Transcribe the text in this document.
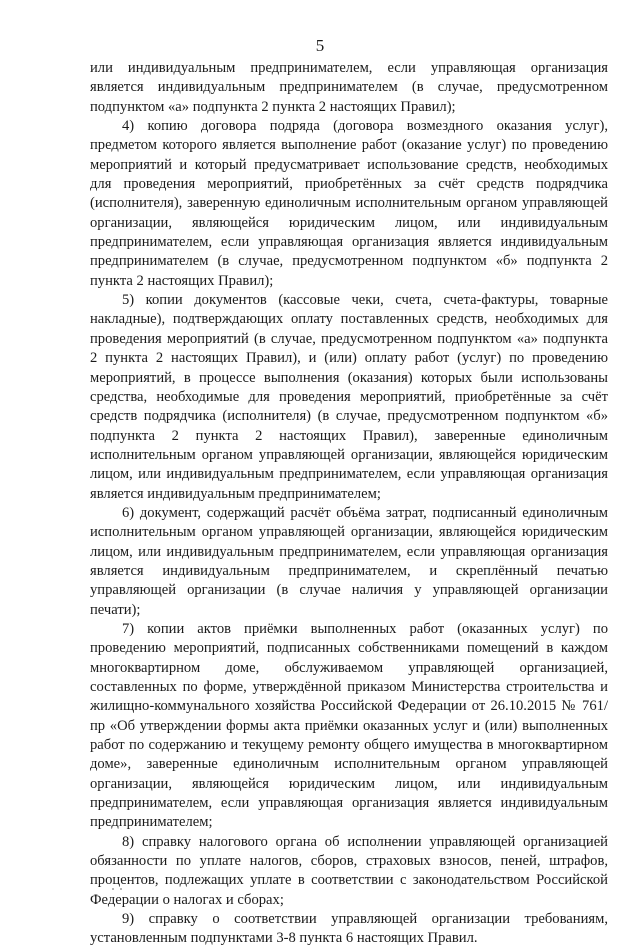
5

или индивидуальным предпринимателем, если управляющая организация является индивидуальным предпринимателем (в случае, предусмотренном подпунктом «а» подпункта 2 пункта 2 настоящих Правил);

4) копию договора подряда (договора возмездного оказания услуг), предметом которого является выполнение работ (оказание услуг) по проведению мероприятий и который предусматривает использование средств, необходимых для проведения мероприятий, приобретённых за счёт средств подрядчика (исполнителя), заверенную единоличным исполнительным органом управляющей организации, являющейся юридическим лицом, или индивидуальным предпринимателем, если управляющая организация является индивидуальным предпринимателем (в случае, предусмотренном подпунктом «б» подпункта 2 пункта 2 настоящих Правил);

5) копии документов (кассовые чеки, счета, счета-фактуры, товарные накладные), подтверждающих оплату поставленных средств, необходимых для проведения мероприятий (в случае, предусмотренном подпунктом «а» подпункта 2 пункта 2 настоящих Правил), и (или) оплату работ (услуг) по проведению мероприятий, в процессе выполнения (оказания) которых были использованы средства, необходимые для проведения мероприятий, приобретённые за счёт средств подрядчика (исполнителя) (в случае, предусмотренном подпунктом «б» подпункта 2 пункта 2 настоящих Правил), заверенные единоличным исполнительным органом управляющей организации, являющейся юридическим лицом, или индивидуальным предпринимателем, если управляющая организация является индивидуальным предпринимателем;

6) документ, содержащий расчёт объёма затрат, подписанный единоличным исполнительным органом управляющей организации, являющейся юридическим лицом, или индивидуальным предпринимателем, если управляющая организация является индивидуальным предпринимателем, и скреплённый печатью управляющей организации (в случае наличия у управляющей организации печати);

7) копии актов приёмки выполненных работ (оказанных услуг) по проведению мероприятий, подписанных собственниками помещений в каждом многоквартирном доме, обслуживаемом управляющей организацией, составленных по форме, утверждённой приказом Министерства строительства и жилищно-коммунального хозяйства Российской Федерации от 26.10.2015 № 761/пр «Об утверждении формы акта приёмки оказанных услуг и (или) выполненных работ по содержанию и текущему ремонту общего имущества в многоквартирном доме», заверенные единоличным исполнительным органом управляющей организации, являющейся юридическим лицом, или индивидуальным предпринимателем, если управляющая организация является индивидуальным предпринимателем;

8) справку налогового органа об исполнении управляющей организацией обязанности по уплате налогов, сборов, страховых взносов, пеней, штрафов, процентов, подлежащих уплате в соответствии с законодательством Российской Федерации о налогах и сборах;

9) справку о соответствии управляющей организации требованиям, установленным подпунктами 3-8 пункта 6 настоящих Правил.
